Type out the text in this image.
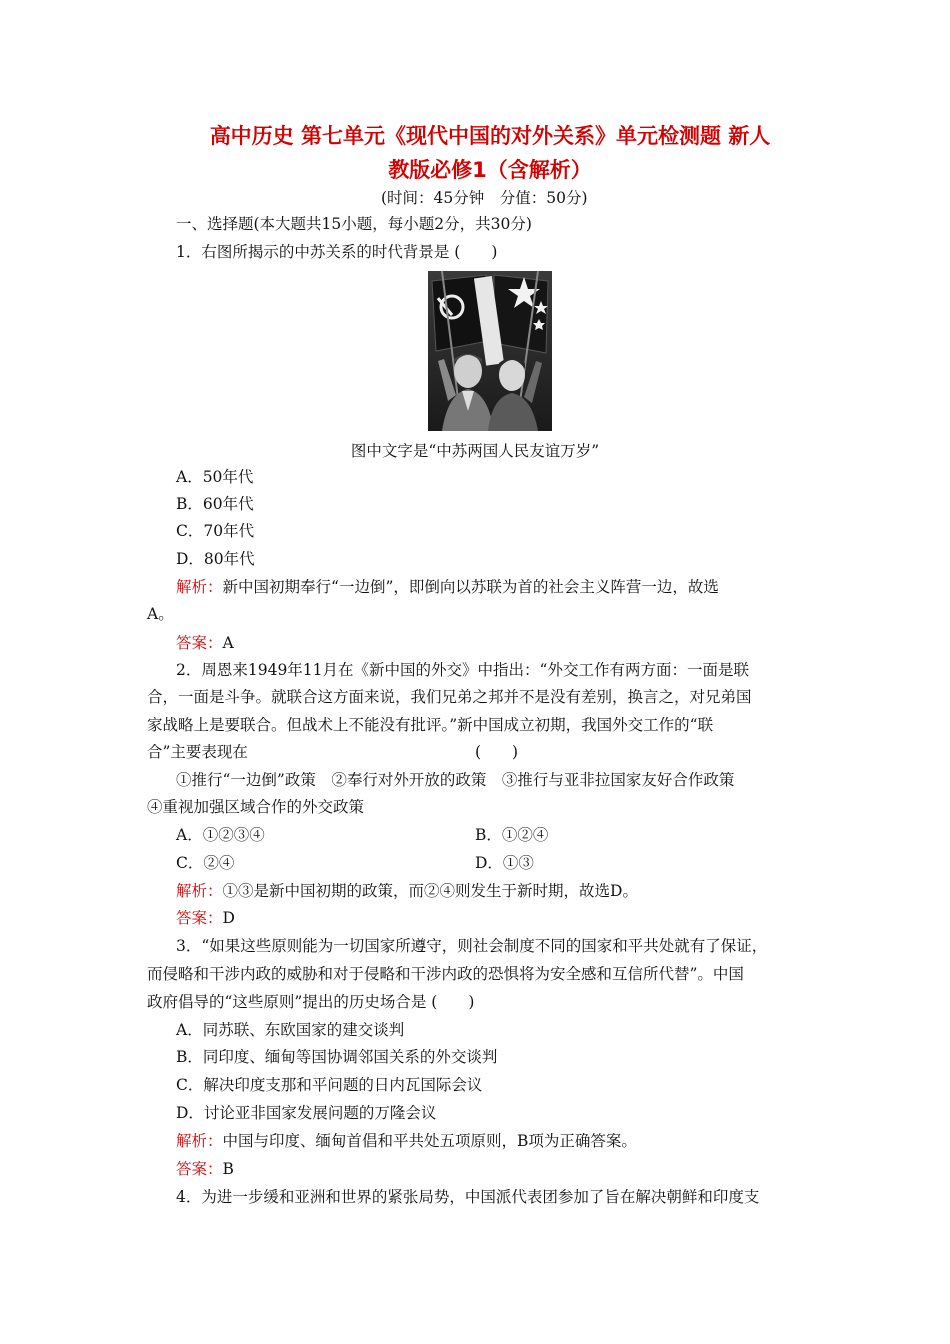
高中历史 第七单元《现代中国的对外关系》单元检测题 新人
教版必修1（含解析）
(时间：45分钟　分值：50分)
一、选择题(本大题共15小题，每小题2分，共30分)
1．右图所揭示的中苏关系的时代背景是 (　　)
图中文字是“中苏两国人民友谊万岁”
A．50年代
B．60年代
C．70年代
D．80年代
解析：新中国初期奉行“一边倒”，即倒向以苏联为首的社会主义阵营一边，故选
A。
答案：A
2．周恩来1949年11月在《新中国的外交》中指出：“外交工作有两方面：一面是联
合，一面是斗争。就联合这方面来说，我们兄弟之邦并不是没有差别，换言之，对兄弟国
家战略上是要联合。但战术上不能没有批评。”新中国成立初期，我国外交工作的“联
合”主要表现在	(　　)
①推行“一边倒”政策　②奉行对外开放的政策　③推行与亚非拉国家友好合作政策
④重视加强区域合作的外交政策
A．①②③④	B．①②④
C．②④	D．①③
解析：①③是新中国初期的政策，而②④则发生于新时期，故选D。
答案：D
3．“如果这些原则能为一切国家所遵守，则社会制度不同的国家和平共处就有了保证，
而侵略和干涉内政的威胁和对于侵略和干涉内政的恐惧将为安全感和互信所代替”。中国
政府倡导的“这些原则”提出的历史场合是 (　　)
A．同苏联、东欧国家的建交谈判
B．同印度、缅甸等国协调邻国关系的外交谈判
C．解决印度支那和平问题的日内瓦国际会议
D．讨论亚非国家发展问题的万隆会议
解析：中国与印度、缅甸首倡和平共处五项原则，B项为正确答案。
答案：B
4．为进一步缓和亚洲和世界的紧张局势，中国派代表团参加了旨在解决朝鲜和印度支
